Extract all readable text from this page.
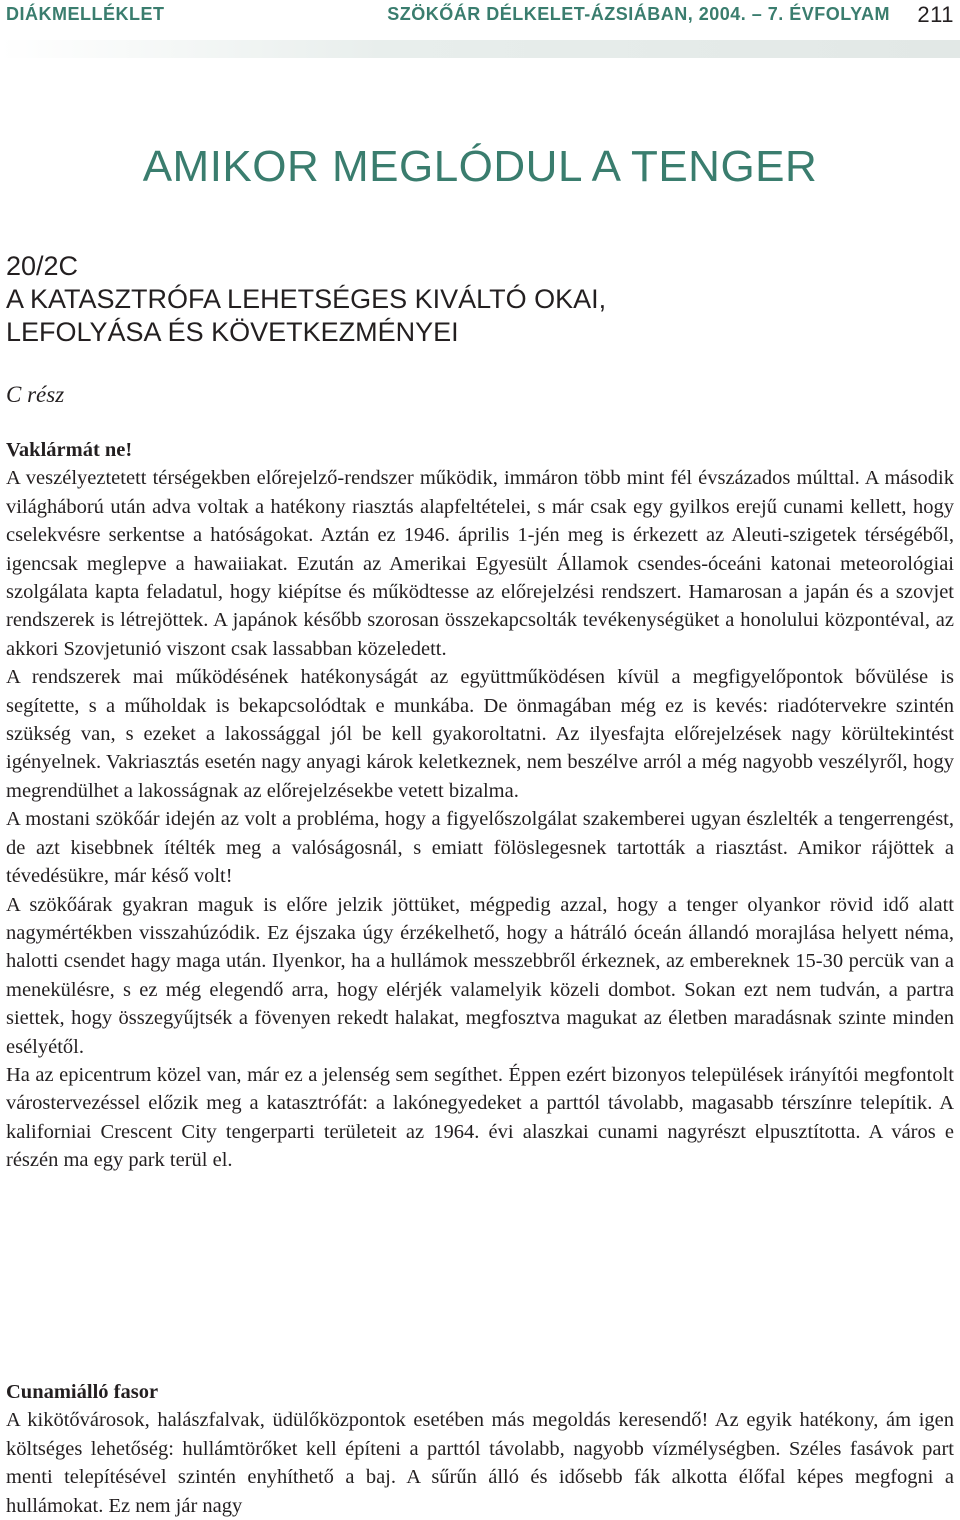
DIÁKMELLÉKLET	SZÖKŐÁR DÉLKELET-ÁZSIÁBAN, 2004. – 7. ÉVFOLYAM 211
AMIKOR MEGLÓDUL A TENGER
20/2C
A KATASZTRÓFA LEHETSÉGES KIVÁLTÓ OKAI,
LEFOLYÁSA ÉS KÖVETKEZMÉNYEI
C rész

Vaklármát ne!

A veszélyeztetett térségekben előrejelző-rendszer működik, immáron több mint fél évszázados múlttal. A második világháború után adva voltak a hatékony riasztás alapfeltételei, s már csak egy gyilkos erejű cunami kellett, hogy cselekvésre serkentse a hatóságokat. Aztán ez 1946. április 1-jén meg is érkezett az Aleuti-szigetek térségéből, igencsak meglepve a hawaiiakat. Ezután az Amerikai Egyesült Államok csendes-óceáni katonai meteorológiai szolgálata kapta feladatul, hogy kiépítse és működtesse az előrejelzési rendszert. Hamarosan a japán és a szovjet rendszerek is létrejöttek. A japánok később szorosan összekapcsolták tevékenységüket a honolului központéval, az akkori Szovjetunió viszont csak lassabban közeledett.

A rendszerek mai működésének hatékonyságát az együttműködésen kívül a megfigyelőpontok bővülése is segítette, s a műholdak is bekapcsolódtak e munkába. De önmagában még ez is kevés: riadótervekre szintén szükség van, s ezeket a lakossággal jól be kell gyakoroltatni. Az ilyesfajta előrejelzések nagy körültekintést igényelnek. Vakriasztás esetén nagy anyagi károk keletkeznek, nem beszélve arról a még nagyobb veszélyről, hogy megrendülhet a lakosságnak az előrejelzésekbe vetett bizalma.

A mostani szökőár idején az volt a probléma, hogy a figyelőszolgálat szakemberei ugyan észlelték a tengerrengést, de azt kisebbnek ítélték meg a valóságosnál, s emiatt fölöslegesnek tartották a riasztást. Amikor rájöttek a tévedésükre, már késő volt!

A szökőárak gyakran maguk is előre jelzik jöttüket, mégpedig azzal, hogy a tenger olyankor rövid idő alatt nagymértékben visszahúzódik. Ez éjszaka úgy érzékelhető, hogy a hátráló óceán állandó morajlása helyett néma, halotti csendet hagy maga után. Ilyenkor, ha a hullámok messzebbről érkeznek, az embereknek 15-30 percük van a menekülésre, s ez még elegendő arra, hogy elérjék valamelyik közeli dombot. Sokan ezt nem tudván, a partra siettek, hogy összegyűjtsék a fövenyen rekedt halakat, megfosztva magukat az életben maradásnak szinte minden esélyétől.

Ha az epicentrum közel van, már ez a jelenség sem segíthet. Éppen ezért bizonyos települések irányítói megfontolt várostervezéssel előzik meg a katasztrófát: a lakónegyedeket a parttól távolabb, magasabb térszínre telepítik. A kaliforniai Crescent City tengerparti területeit az 1964. évi alaszkai cunami nagyrészt elpusztította. A város e részén ma egy park terül el.

Cunamiálló fasor

A kikötővárosok, halászfalvak, üdülőközpontok esetében más megoldás keresendő! Az egyik hatékony, ám igen költséges lehetőség: hullámtörőket kell építeni a parttól távolabb, nagyobb vízmélységben. Széles fasávok part menti telepítésével szintén enyhíthető a baj. A sűrűn álló és idősebb fák alkotta élőfal képes megfogni a hullámokat. Ez nem jár nagy
